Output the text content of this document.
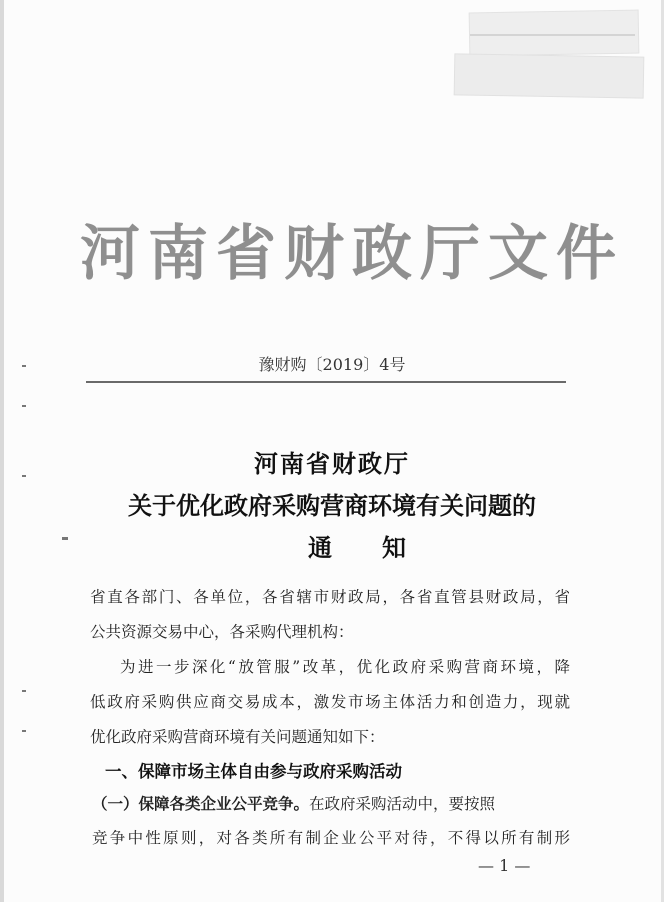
河南省财政厅文件
豫财购〔2019〕4号
河南省财政厅
关于优化政府采购营商环境有关问题的
通知
省直各部门、各单位，各省辖市财政局，各省直管县财政局，省
公共资源交易中心，各采购代理机构：
为进一步深化“放管服”改革，优化政府采购营商环境，降
低政府采购供应商交易成本，激发市场主体活力和创造力，现就
优化政府采购营商环境有关问题通知如下：
一、保障市场主体自由参与政府采购活动
（一）保障各类企业公平竞争。在政府采购活动中，要按照
竞争中性原则，对各类所有制企业公平对待，不得以所有制形
— 1 —
